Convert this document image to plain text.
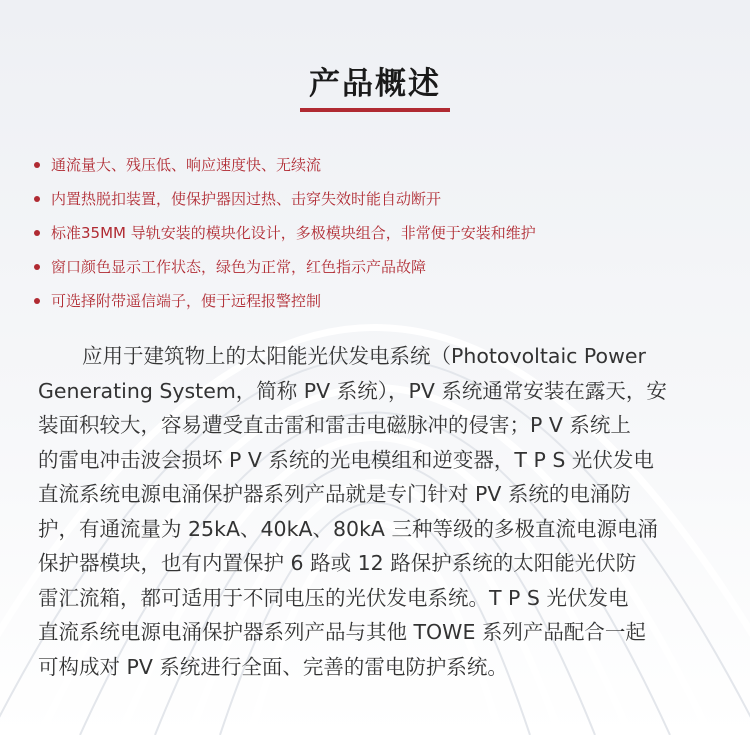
产品概述
通流量大、残压低、响应速度快、无续流
内置热脱扣装置，使保护器因过热、击穿失效时能自动断开
标准35MM 导轨安装的模块化设计，多极模块组合，非常便于安装和维护
窗口颜色显示工作状态，绿色为正常，红色指示产品故障
可选择附带遥信端子，便于远程报警控制
应用于建筑物上的太阳能光伏发电系统（Photovoltaic Power
Generating System，简称 PV 系统），PV 系统通常安装在露天，安
装面积较大，容易遭受直击雷和雷击电磁脉冲的侵害；P V 系统上
的雷电冲击波会损坏 P V 系统的光电模组和逆变器，T P S 光伏发电
直流系统电源电涌保护器系列产品就是专门针对 PV 系统的电涌防
护，有通流量为 25kA、40kA、80kA 三种等级的多极直流电源电涌
保护器模块，也有内置保护 6 路或 12 路保护系统的太阳能光伏防
雷汇流箱，都可适用于不同电压的光伏发电系统。T P S 光伏发电
直流系统电源电涌保护器系列产品与其他 TOWE 系列产品配合一起
可构成对 PV 系统进行全面、完善的雷电防护系统。
